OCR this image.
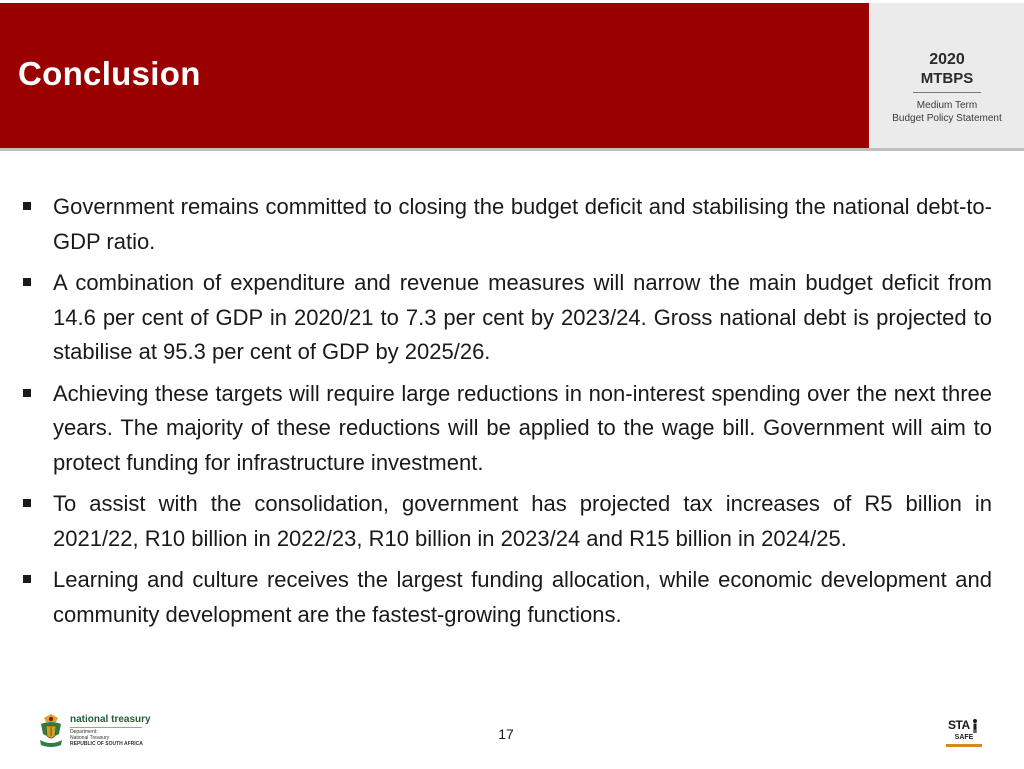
Conclusion	2020
MTBPS
Medium Term
Budget Policy Statement
Government remains committed to closing the budget deficit and stabilising the national debt-to-GDP ratio.
A combination of expenditure and revenue measures will narrow the main budget deficit from 14.6 per cent of GDP in 2020/21 to 7.3 per cent by 2023/24. Gross national debt is projected to stabilise at 95.3 per cent of GDP by 2025/26.
Achieving these targets will require large reductions in non-interest spending over the next three years. The majority of these reductions will be applied to the wage bill. Government will aim to protect funding for infrastructure investment.
To assist with the consolidation, government has projected tax increases of R5 billion in 2021/22, R10 billion in 2022/23, R10 billion in 2023/24 and R15 billion in 2024/25.
Learning and culture receives the largest funding allocation, while economic development and community development are the fastest-growing functions.
national treasury
Department:
National Treasury
REPUBLIC OF SOUTH AFRICA
17
STA
SAFE
